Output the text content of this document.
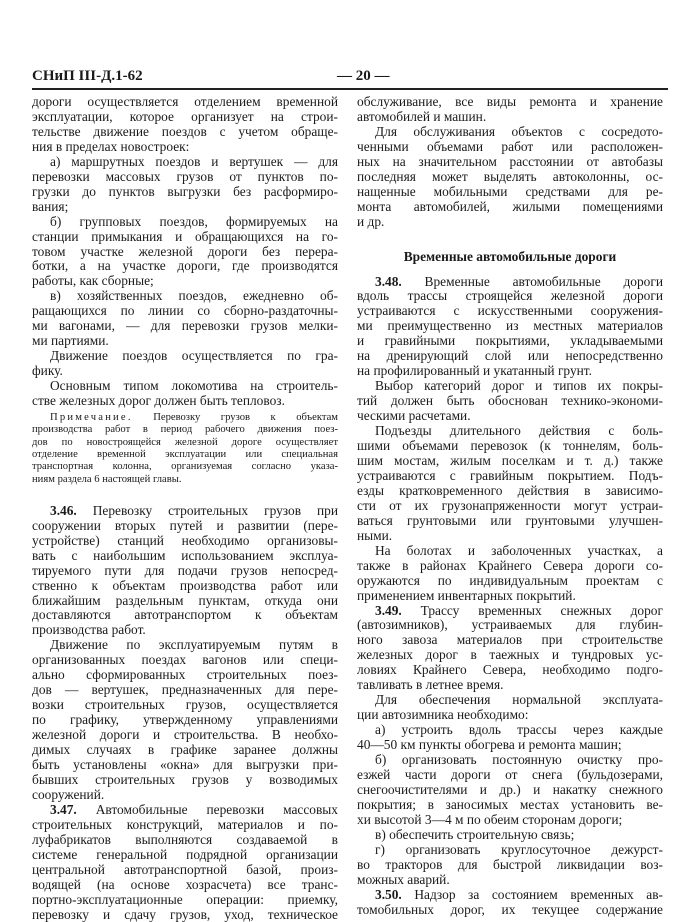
СНиП III-Д.1-62	— 20 —
дороги осуществляется отделением временной
эксплуатации, которое организует на строи-
тельстве движение поездов с учетом обраще-
ния в пределах новостроек:
а) маршрутных поездов и вертушек — для
перевозки массовых грузов от пунктов по-
грузки до пунктов выгрузки без расформиро-
вания;
б) групповых поездов, формируемых на
станции примыкания и обращающихся на го-
товом участке железной дороги без перера-
ботки, а на участке дороги, где производятся
работы, как сборные;
в) хозяйственных поездов, ежедневно об-
ращающихся по линии со сборно-раздаточны-
ми вагонами, — для перевозки грузов мелки-
ми партиями.
Движение поездов осуществляется по гра-
фику.
Основным типом локомотива на строитель-
стве железных дорог должен быть тепловоз.
Примечание. Перевозку грузов к объектам
производства работ в период рабочего движения поез-
дов по новостроящейся железной дороге осуществляет
отделение временной эксплуатации или специальная
транспортная колонна, организуемая согласно указа-
ниям раздела 6 настоящей главы.
3.46. Перевозку строительных грузов при
сооружении вторых путей и развитии (пере-
устройстве) станций необходимо организовы-
вать с наибольшим использованием эксплуа-
тируемого пути для подачи грузов непосред-
ственно к объектам производства работ или
ближайшим раздельным пунктам, откуда они
доставляются автотранспортом к объектам
производства работ.
Движение по эксплуатируемым путям в
организованных поездах вагонов или специ-
ально сформированных строительных поез-
дов — вертушек, предназначенных для пере-
возки строительных грузов, осуществляется
по графику, утвержденному управлениями
железной дороги и строительства. В необхо-
димых случаях в графике заранее должны
быть установлены «окна» для выгрузки при-
бывших строительных грузов у возводимых
сооружений.
3.47. Автомобильные перевозки массовых
строительных конструкций, материалов и по-
луфабрикатов выполняются создаваемой в
системе генеральной подрядной организации
центральной автотранспортной базой, произ-
водящей (на основе хозрасчета) все транс-
портно-эксплуатационные операции: приемку,
перевозку и сдачу грузов, уход, техническое
обслуживание, все виды ремонта и хранение
автомобилей и машин.
Для обслуживания объектов с сосредото-
ченными объемами работ или расположен-
ных на значительном расстоянии от автобазы
последняя может выделять автоколонны, ос-
нащенные мобильными средствами для ре-
монта автомобилей, жилыми помещениями
и др.
Временные автомобильные дороги
3.48. Временные автомобильные дороги
вдоль трассы строящейся железной дороги
устраиваются с искусственными сооружения-
ми преимущественно из местных материалов
и гравийными покрытиями, укладываемыми
на дренирующий слой или непосредственно
на профилированный и укатанный грунт.
Выбор категорий дорог и типов их покры-
тий должен быть обоснован технико-экономи-
ческими расчетами.
Подъезды длительного действия с боль-
шими объемами перевозок (к тоннелям, боль-
шим мостам, жилым поселкам и т. д.) также
устраиваются с гравийным покрытием. Подъ-
езды кратковременного действия в зависимо-
сти от их грузонапряженности могут устраи-
ваться грунтовыми или грунтовыми улучшен-
ными.
На болотах и заболоченных участках, а
также в районах Крайнего Севера дороги со-
оружаются по индивидуальным проектам с
применением инвентарных покрытий.
3.49. Трассу временных снежных дорог
(автозимников), устраиваемых для глубин-
ного завоза материалов при строительстве
железных дорог в таежных и тундровых ус-
ловиях Крайнего Севера, необходимо подго-
тавливать в летнее время.
Для обеспечения нормальной эксплуата-
ции автозимника необходимо:
а) устроить вдоль трассы через каждые
40—50 км пункты обогрева и ремонта машин;
б) организовать постоянную очистку про-
езжей части дороги от снега (бульдозерами,
снегоочистителями и др.) и накатку снежного
покрытия; в заносимых местах установить ве-
хи высотой 3—4 м по обеим сторонам дороги;
в) обеспечить строительную связь;
г) организовать круглосуточное дежурст-
во тракторов для быстрой ликвидации воз-
можных аварий.
3.50. Надзор за состоянием временных ав-
томобильных дорог, их текущее содержание
